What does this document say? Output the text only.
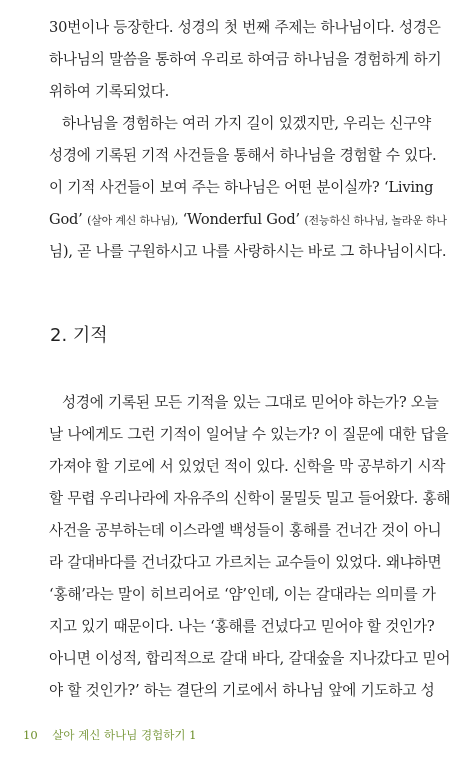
30번이나 등장한다. 성경의 첫 번째 주제는 하나님이다. 성경은
하나님의 말씀을 통하여 우리로 하여금 하나님을 경험하게 하기
위하여 기록되었다.
하나님을 경험하는 여러 가지 길이 있겠지만, 우리는 신구약
성경에 기록된 기적 사건들을 통해서 하나님을 경험할 수 있다.
이 기적 사건들이 보여 주는 하나님은 어떤 분이실까? ‘Living
God’ (살아 계신 하나님), ‘Wonderful God’ (전능하신 하나님, 놀라운 하나
님), 곧 나를 구원하시고 나를 사랑하시는 바로 그 하나님이시다.
2. 기적
성경에 기록된 모든 기적을 있는 그대로 믿어야 하는가? 오늘
날 나에게도 그런 기적이 일어날 수 있는가? 이 질문에 대한 답을
가져야 할 기로에 서 있었던 적이 있다. 신학을 막 공부하기 시작
할 무렵 우리나라에 자유주의 신학이 물밀듯 밀고 들어왔다. 홍해
사건을 공부하는데 이스라엘 백성들이 홍해를 건너간 것이 아니
라 갈대바다를 건너갔다고 가르치는 교수들이 있었다. 왜냐하면
‘홍해’라는 말이 히브리어로 ‘얌’인데, 이는 갈대라는 의미를 가
지고 있기 때문이다. 나는 ‘홍해를 건넜다고 믿어야 할 것인가?
아니면 이성적, 합리적으로 갈대 바다, 갈대숲을 지나갔다고 믿어
야 할 것인가?’ 하는 결단의 기로에서 하나님 앞에 기도하고 성
10 살아 계신 하나님 경험하기 1
